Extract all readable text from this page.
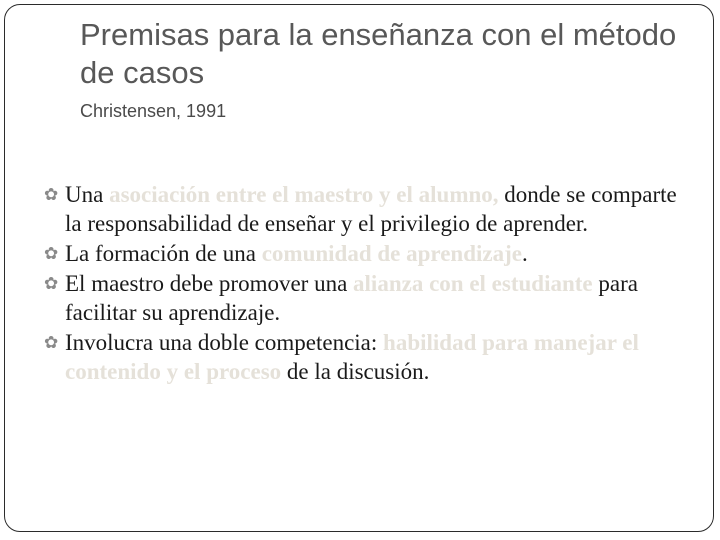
Premisas para la enseñanza con el método de casos

Christensen, 1991

✿ Una asociación entre el maestro y el alumno, donde se comparte la responsabilidad de enseñar y el privilegio de aprender.
✿ La formación de una comunidad de aprendizaje.
✿ El maestro debe promover una alianza con el estudiante para facilitar su aprendizaje.
✿ Involucra una doble competencia: habilidad para manejar el contenido y el proceso de la discusión.
